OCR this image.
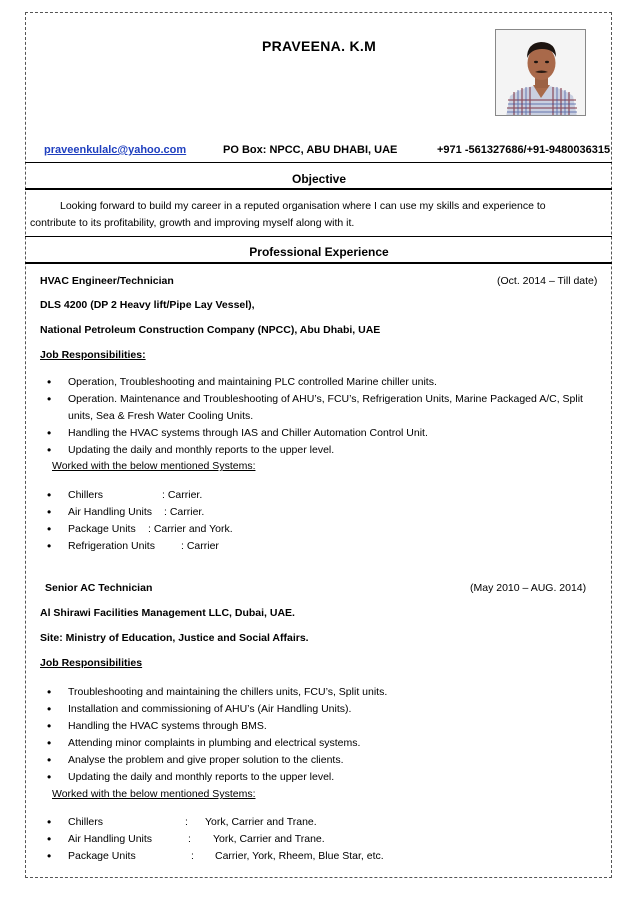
PRAVEENA. K.M
praveenkulalc@yahoo.com	PO Box: NPCC, ABU DHABI, UAE	+971 -561327686/+91-9480036315
Objective
Looking forward to build my career in a reputed organisation where I can use my skills and experience to contribute to its profitability, growth and improving myself along with it.
Professional Experience
HVAC Engineer/Technician	(Oct. 2014 – Till date)
DLS 4200 (DP 2 Heavy lift/Pipe Lay Vessel),
National Petroleum Construction Company (NPCC), Abu Dhabi, UAE
Job Responsibilities:
• Operation, Troubleshooting and maintaining PLC controlled Marine chiller units.
• Operation. Maintenance and Troubleshooting of AHU’s, FCU’s, Refrigeration Units, Marine Packaged A/C, Split units, Sea & Fresh Water Cooling Units.
• Handling the HVAC systems through IAS and Chiller Automation Control Unit.
• Updating the daily and monthly reports to the upper level.
Worked with the below mentioned Systems:
• Chillers	: Carrier.
• Air Handling Units : Carrier.
• Package Units : Carrier and York.
• Refrigeration Units : Carrier
Senior AC Technician	(May 2010 – AUG. 2014)
Al Shirawi Facilities Management LLC, Dubai, UAE.
Site: Ministry of Education, Justice and Social Affairs.
Job Responsibilities
• Troubleshooting and maintaining the chillers units, FCU’s, Split units.
• Installation and commissioning of AHU’s (Air Handling Units).
• Handling the HVAC systems through BMS.
• Attending minor complaints in plumbing and electrical systems.
• Analyse the problem and give proper solution to the clients.
• Updating the daily and monthly reports to the upper level.
Worked with the below mentioned Systems:
• Chillers	: York, Carrier and Trane.
• Air Handling Units	: York, Carrier and Trane.
• Package Units	: Carrier, York, Rheem, Blue Star, etc.
